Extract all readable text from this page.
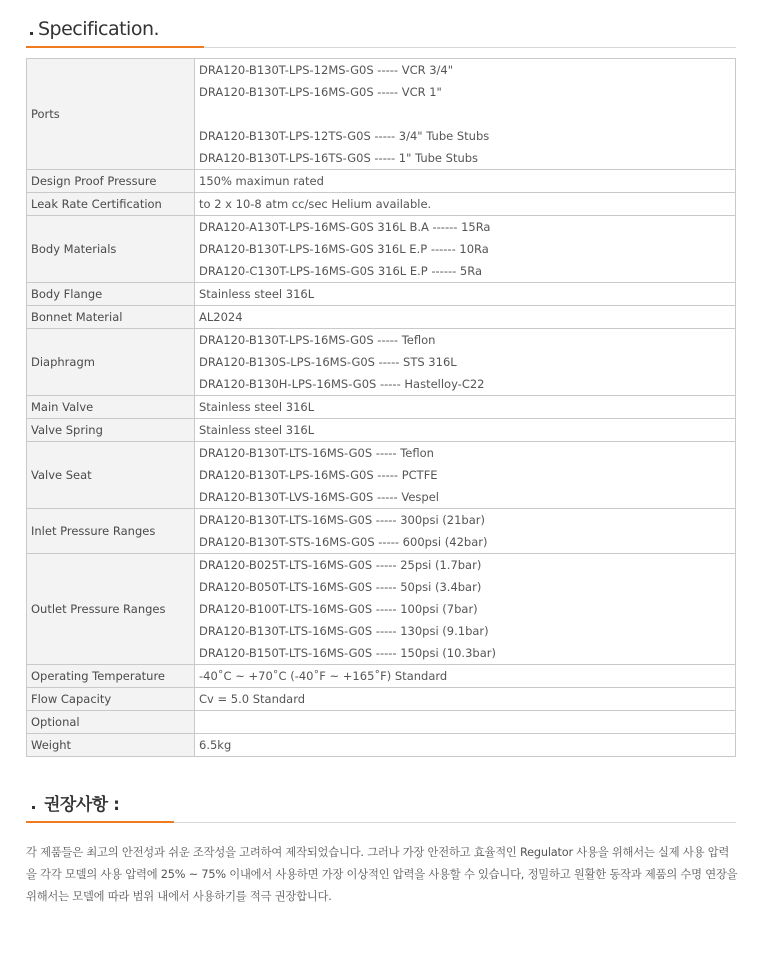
Specification.
Ports	DRA120-B130T-LPS-12MS-G0S ----- VCR 3/4"
DRA120-B130T-LPS-16MS-G0S ----- VCR 1"
DRA120-B130T-LPS-12TS-G0S ----- 3/4" Tube Stubs
DRA120-B130T-LPS-16TS-G0S ----- 1" Tube Stubs

Design Proof Pressure	150% maximun rated

Leak Rate Certification	to 2 x 10-8 atm cc/sec Helium available.

Body Materials	DRA120-A130T-LPS-16MS-G0S 316L B.A ------ 15Ra
DRA120-B130T-LPS-16MS-G0S 316L E.P ------ 10Ra
DRA120-C130T-LPS-16MS-G0S 316L E.P ------ 5Ra

Body Flange	Stainless steel 316L

Bonnet Material	AL2024

Diaphragm	DRA120-B130T-LPS-16MS-G0S ----- Teflon
DRA120-B130S-LPS-16MS-G0S ----- STS 316L
DRA120-B130H-LPS-16MS-G0S ----- Hastelloy-C22

Main Valve	Stainless steel 316L

Valve Spring	Stainless steel 316L

Valve Seat	DRA120-B130T-LTS-16MS-G0S ----- Teflon
DRA120-B130T-LPS-16MS-G0S ----- PCTFE
DRA120-B130T-LVS-16MS-G0S ----- Vespel

Inlet Pressure Ranges	DRA120-B130T-LTS-16MS-G0S ----- 300psi (21bar)
DRA120-B130T-STS-16MS-G0S ----- 600psi (42bar)

Outlet Pressure Ranges	DRA120-B025T-LTS-16MS-G0S ----- 25psi (1.7bar)
DRA120-B050T-LTS-16MS-G0S ----- 50psi (3.4bar)
DRA120-B100T-LTS-16MS-G0S ----- 100psi (7bar)
DRA120-B130T-LTS-16MS-G0S ----- 130psi (9.1bar)
DRA120-B150T-LTS-16MS-G0S ----- 150psi (10.3bar)

Operating Temperature	-40˚C ~ +70˚C (-40˚F ~ +165˚F) Standard

Flow Capacity	Cv = 5.0 Standard

Optional	

Weight	6.5kg
권장사항 :
각 제품들은 최고의 안전성과 쉬운 조작성을 고려하여 제작되었습니다. 그러나 가장 안전하고 효율적인 Regulator 사용을 위해서는 실제 사용 압력을 각각 모델의 사용 압력에 25% ~ 75% 이내에서 사용하면 가장 이상적인 압력을 사용할 수 있습니다, 정밀하고 원활한 동작과 제품의 수명 연장을 위해서는 모델에 따라 범위 내에서 사용하기를 적극 권장합니다.
